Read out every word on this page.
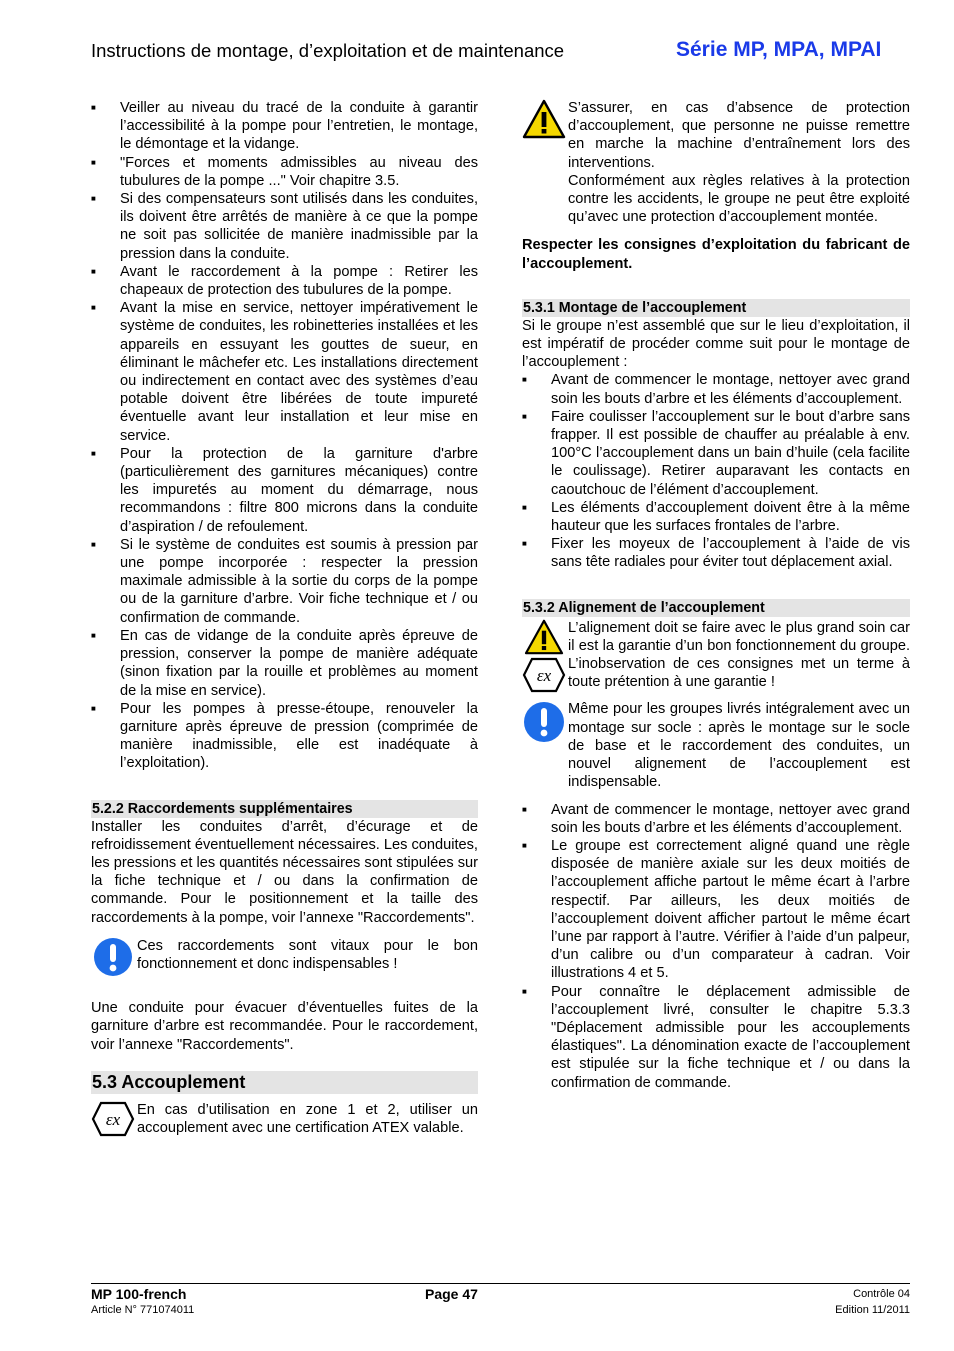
Instructions de montage, d’exploitation et de maintenance	Série MP, MPA, MPAI
■ Veiller au niveau du tracé de la conduite à garantir l’accessibilité à la pompe pour l’entretien, le montage, le démontage et la vidange.
■ "Forces et moments admissibles au niveau des tubulures de la pompe ..." Voir chapitre 3.5.
■ Si des compensateurs sont utilisés dans les conduites, ils doivent être arrêtés de manière à ce que la pompe ne soit pas sollicitée de manière inadmissible par la pression dans la conduite.
■ Avant le raccordement à la pompe : Retirer les chapeaux de protection des tubulures de la pompe.
■ Avant la mise en service, nettoyer impérativement le système de conduites, les robinetteries installées et les appareils en essuyant les gouttes de sueur, en éliminant le mâchefer etc. Les installations directement ou indirectement en contact avec des systèmes d’eau potable doivent être libérées de toute impureté éventuelle avant leur installation et leur mise en service.
■ Pour la protection de la garniture d'arbre (particulièrement des garnitures mécaniques) contre les impuretés au moment du démarrage, nous recommandons : filtre 800 microns dans la conduite d’aspiration / de refoulement.
■ Si le système de conduites est soumis à pression par une pompe incorporée : respecter la pression maximale admissible à la sortie du corps de la pompe ou de la garniture d’arbre. Voir fiche technique et / ou confirmation de commande.
■ En cas de vidange de la conduite après épreuve de pression, conserver la pompe de manière adéquate (sinon fixation par la rouille et problèmes au moment de la mise en service).
■ Pour les pompes à presse-étoupe, renouveler la garniture après épreuve de pression (comprimée de manière inadmissible, elle est inadéquate à l’exploitation).
5.2.2 Raccordements supplémentaires

Installer les conduites d’arrêt, d’écurage et de refroidissement éventuellement nécessaires. Les conduites, les pressions et les quantités nécessaires sont stipulées sur la fiche technique et / ou dans la confirmation de commande. Pour le positionnement et la taille des raccordements à la pompe, voir l’annexe "Raccordements".

Ces raccordements sont vitaux pour le bon fonctionnement et donc indispensables !

Une conduite pour évacuer d’éventuelles fuites de la garniture d’arbre est recommandée. Pour le raccordement, voir l’annexe "Raccordements".

5.3 Accouplement
εx En cas d’utilisation en zone 1 et 2, utiliser un accouplement avec une certification ATEX valable.
S’assurer, en cas d’absence de protection d’accouplement, que personne ne puisse remettre en marche la machine d’entraînement lors des interventions.
Conformément aux règles relatives à la protection contre les accidents, le groupe ne peut être exploité qu’avec une protection d’accouplement montée.

Respecter les consignes d’exploitation du fabricant de l’accouplement.

5.3.1 Montage de l’accouplement

Si le groupe n’est assemblé que sur le lieu d’exploitation, il est impératif de procéder comme suit pour le montage de l’accouplement :

■ Avant de commencer le montage, nettoyer avec grand soin les bouts d’arbre et les éléments d’accouplement.
■ Faire coulisser l’accouplement sur le bout d’arbre sans frapper. Il est possible de chauffer au préalable à env. 100°C l’accouplement dans un bain d’huile (cela facilite le coulissage). Retirer auparavant les contacts en caoutchouc de l’élément d’accouplement.
■ Les éléments d’accouplement doivent être à la même hauteur que les surfaces frontales de l’arbre.
■ Fixer les moyeux de l’accouplement à l’aide de vis sans tête radiales pour éviter tout déplacement axial.
5.3.2 Alignement de l’accouplement
εx
L’alignement doit se faire avec le plus grand soin car il est la garantie d’un bon fonctionnement du groupe. L’inobservation de ces consignes met un terme à toute prétention à une garantie !
Même pour les groupes livrés intégralement avec un montage sur socle : après le montage sur le socle de base et le raccordement des conduites, un nouvel alignement de l’accouplement est indispensable.
■ Avant de commencer le montage, nettoyer avec grand soin les bouts d’arbre et les éléments d’accouplement.
■ Le groupe est correctement aligné quand une règle disposée de manière axiale sur les deux moitiés de l’accouplement affiche partout le même écart à l’arbre respectif. Par ailleurs, les deux moitiés de l’accouplement doivent afficher partout le même écart l’une par rapport à l’autre. Vérifier à l’aide d’un palpeur, d’un calibre ou d’un comparateur à cadran. Voir illustrations 4 et 5.
■ Pour connaître le déplacement admissible de l’accouplement livré, consulter le chapitre 5.3.3 "Déplacement admissible pour les accouplements élastiques". La dénomination exacte de l’accouplement est stipulée sur la fiche technique et / ou dans la confirmation de commande.
MP 100-french
Article N° 771074011
Page 47	Contrôle 04
Edition 11/2011
